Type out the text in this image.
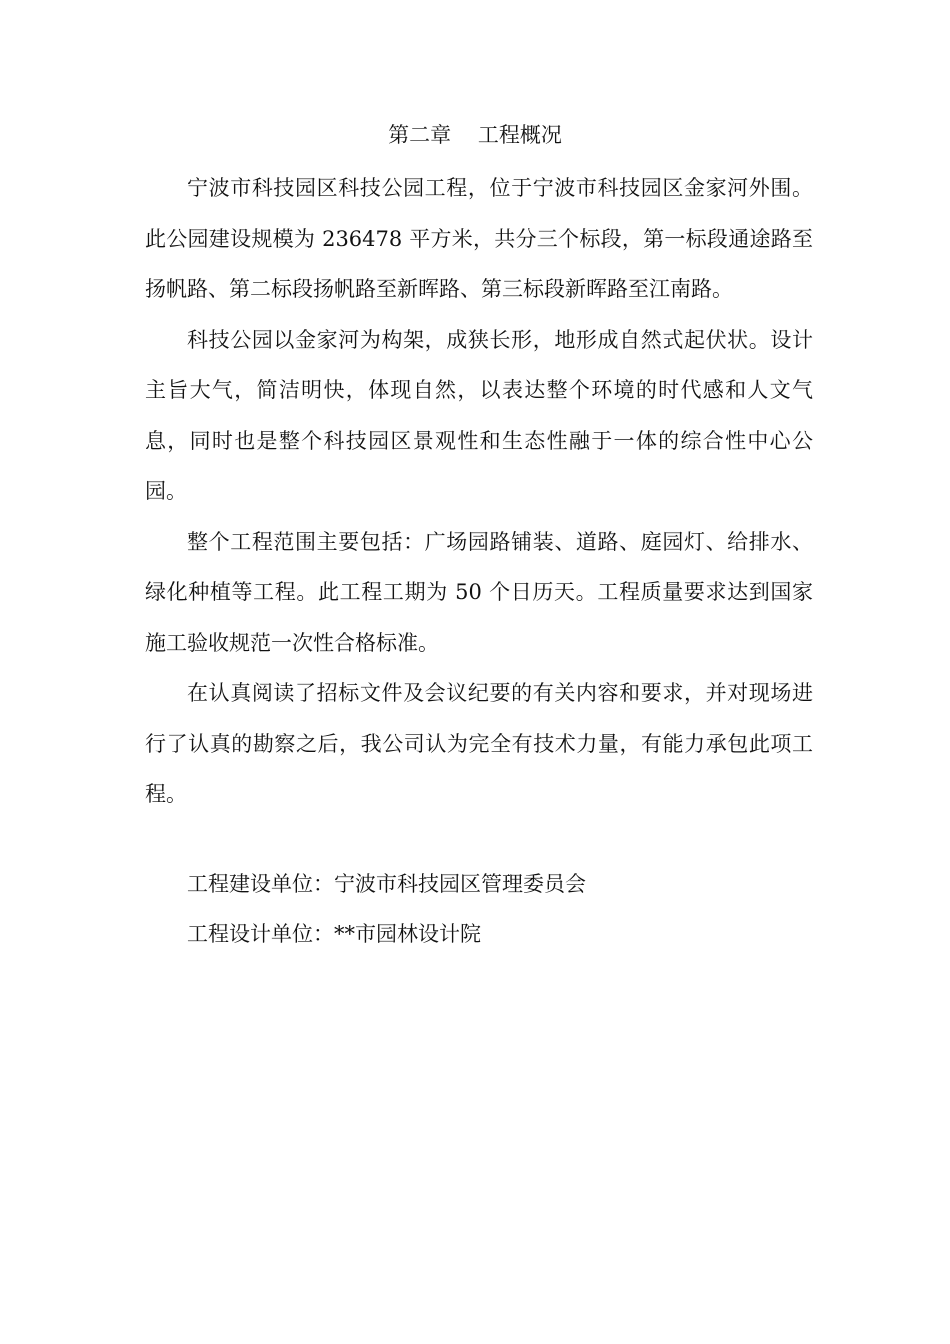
第二章    工程概况

宁波市科技园区科技公园工程，位于宁波市科技园区金家河外围。此公园建设规模为 236478 平方米，共分三个标段，第一标段通途路至扬帆路、第二标段扬帆路至新晖路、第三标段新晖路至江南路。

科技公园以金家河为构架，成狭长形，地形成自然式起伏状。设计主旨大气，简洁明快，体现自然，以表达整个环境的时代感和人文气息，同时也是整个科技园区景观性和生态性融于一体的综合性中心公园。

整个工程范围主要包括：广场园路铺装、道路、庭园灯、给排水、绿化种植等工程。此工程工期为 50 个日历天。工程质量要求达到国家施工验收规范一次性合格标准。

在认真阅读了招标文件及会议纪要的有关内容和要求，并对现场进行了认真的勘察之后，我公司认为完全有技术力量，有能力承包此项工程。

工程建设单位：宁波市科技园区管理委员会
工程设计单位：**市园林设计院
